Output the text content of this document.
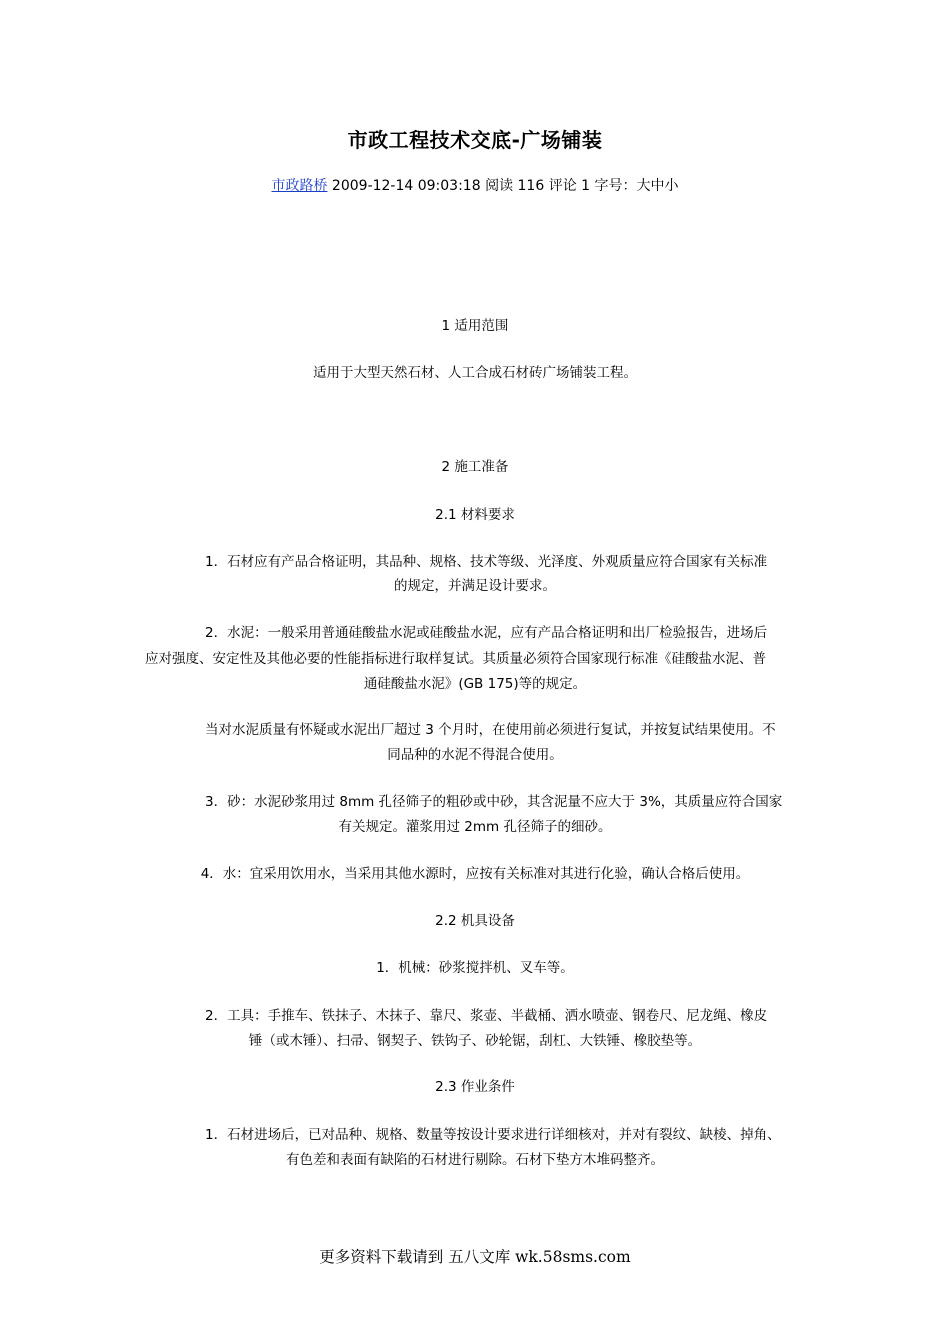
市政工程技术交底-广场铺装
市政路桥 2009-12-14 09:03:18 阅读 116 评论 1 字号：大中小
1 适用范围
适用于大型天然石材、人工合成石材砖广场铺装工程。
2 施工准备
2.1 材料要求
1．石材应有产品合格证明，其品种、规格、技术等级、光泽度、外观质量应符合国家有关标准
的规定，并满足设计要求。
2．水泥：一般采用普通硅酸盐水泥或硅酸盐水泥，应有产品合格证明和出厂检验报告，进场后
应对强度、安定性及其他必要的性能指标进行取样复试。其质量必须符合国家现行标准《硅酸盐水泥、普
通硅酸盐水泥》(GB 175)等的规定。
当对水泥质量有怀疑或水泥出厂超过 3 个月时，在使用前必须进行复试，并按复试结果使用。不
同品种的水泥不得混合使用。
3．砂：水泥砂浆用过 8mm 孔径筛子的粗砂或中砂，其含泥量不应大于 3%，其质量应符合国家
有关规定。灌浆用过 2mm 孔径筛子的细砂。
4．水：宜采用饮用水，当采用其他水源时，应按有关标准对其进行化验，确认合格后使用。
2.2 机具设备
1．机械：砂浆搅拌机、叉车等。
2．工具：手推车、铁抹子、木抹子、靠尺、浆壶、半截桶、洒水喷壶、钢卷尺、尼龙绳、橡皮
锤（或木锤）、扫帚、钢契子、铁钩子、砂轮锯，刮杠、大铁锤、橡胶垫等。
2.3 作业条件
1．石材进场后，已对品种、规格、数量等按设计要求进行详细核对，并对有裂纹、缺棱、掉角、
有色差和表面有缺陷的石材进行剔除。石材下垫方木堆码整齐。
更多资料下载请到 五八文库 wk.58sms.com
